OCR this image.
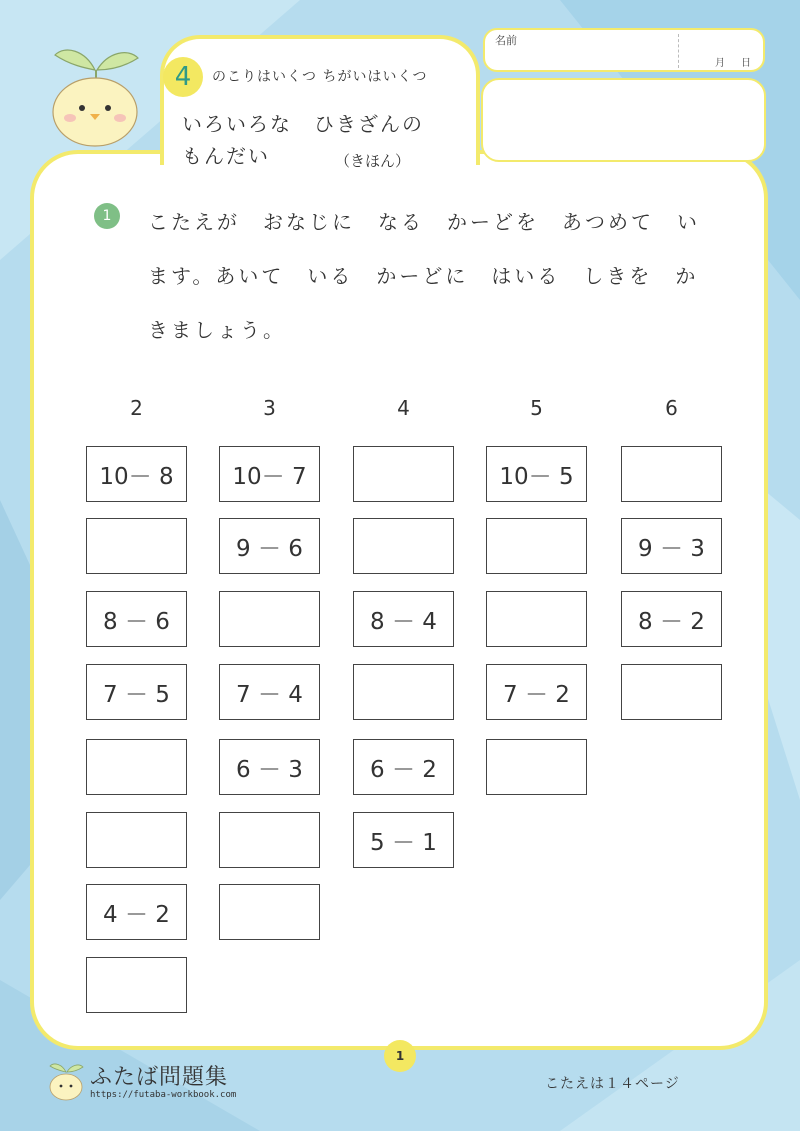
4	のこりはいくつ ちがいはいくつ
いろいろな　ひきざんの
もんだい	（きほん）
名前
月 日
1	こたえが　おなじに　なる　かーどを　あつめて　います。あいて　いる　かーどに　はいる　しきを　かきましょう。
2
10－ 8
8 － 6
7 － 5
4 － 2
3
10－ 7
9 － 6
7 － 4
6 － 3
4
8 － 4
6 － 2
5 － 1
5
10－ 5
7 － 2
6
9 － 3
8 － 2
1
ふたば問題集
https://futaba-workbook.com
こたえは１４ページ
